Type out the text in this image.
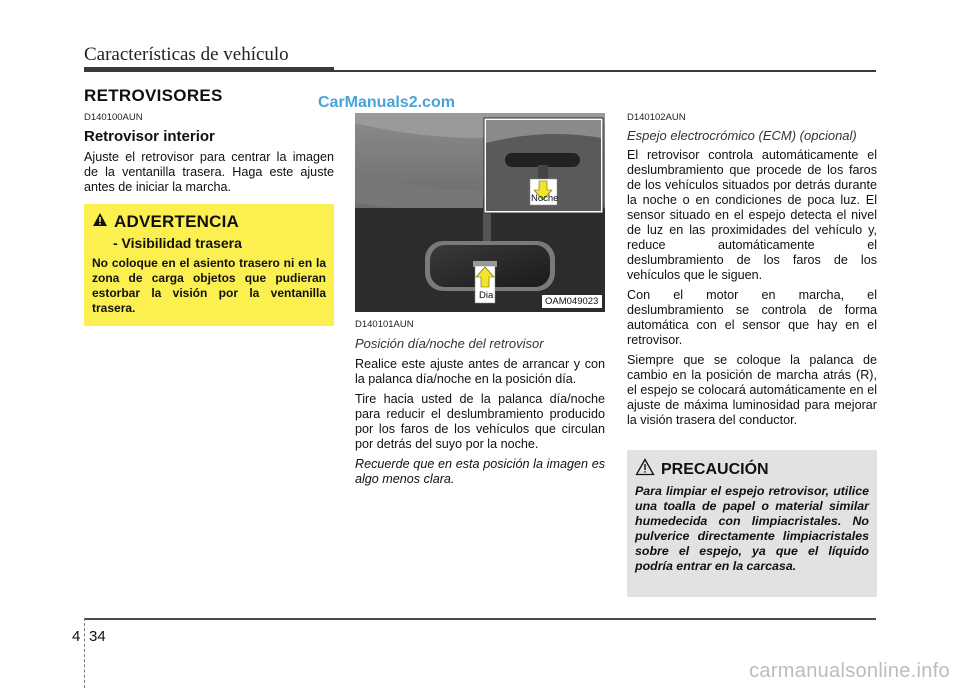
Características de vehículo
RETROVISORES	CarManuals2.com
D140100AUN
Retrovisor interior
Ajuste el retrovisor para centrar la imagen de la ventanilla trasera. Haga este ajuste antes de iniciar la marcha.
ADVERTENCIA
- Visibilidad trasera
No coloque en el asiento trasero ni en la zona de carga objetos que pudieran estorbar la visión por la ventanilla trasera.
Noche
Dia
OAM049023
D140101AUN
Posición día/noche del retrovisor
Realice este ajuste antes de arrancar y con la palanca día/noche en la posición día.
Tire hacia usted de la palanca día/noche para reducir el deslumbramiento producido por los faros de los vehículos que circulan por detrás del suyo por la noche.
Recuerde que en esta posición la imagen es algo menos clara.
D140102AUN
Espejo electrocrómico (ECM) (opcional)
El retrovisor controla automáticamente el deslumbramiento que procede de los faros de los vehículos situados por detrás durante la noche o en condiciones de poca luz. El sensor situado en el espejo detecta el nivel de luz en las proximidades del vehículo y, reduce automáticamente el deslumbramiento de los faros de los vehículos que le siguen.
Con el motor en marcha, el deslumbramiento se controla de forma automática con el sensor que hay en el retrovisor.
Siempre que se coloque la palanca de cambio en la posición de marcha atrás (R), el espejo se colocará automáticamente en el ajuste de máxima luminosidad para mejorar la visión trasera del conductor.
PRECAUCIÓN
Para limpiar el espejo retrovisor, utilice una toalla de papel o material similar humedecida con limpiacristales. No pulverice directamente limpiacristales sobre el espejo, ya que el líquido podría entrar en la carcasa.
4 34
carmanualsonline.info
